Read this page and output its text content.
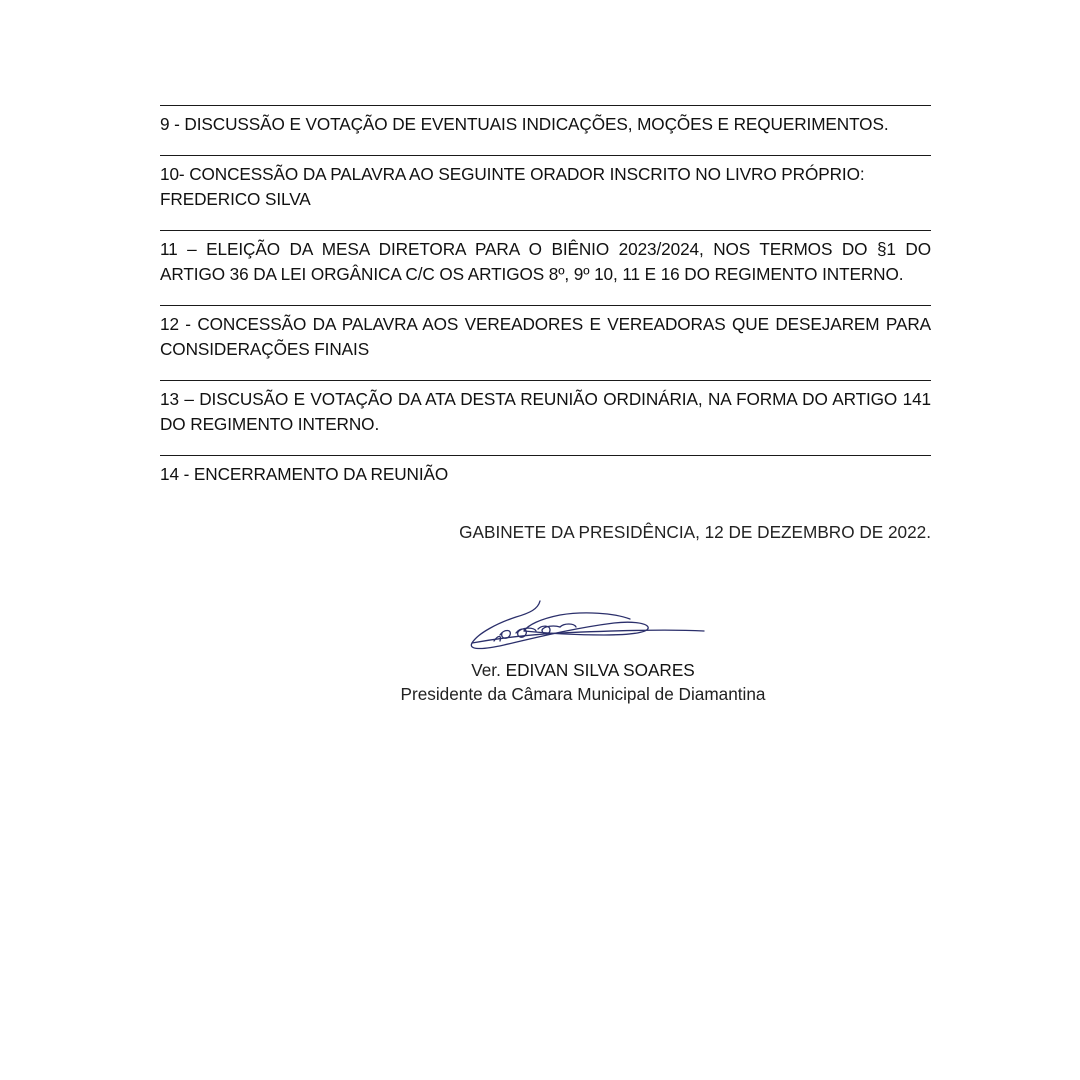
9 - DISCUSSÃO E VOTAÇÃO DE EVENTUAIS INDICAÇÕES, MOÇÕES E REQUERIMENTOS.

10- CONCESSÃO DA PALAVRA AO SEGUINTE ORADOR INSCRITO NO LIVRO PRÓPRIO: FREDERICO SILVA

11 – ELEIÇÃO DA MESA DIRETORA PARA O BIÊNIO 2023/2024, NOS TERMOS DO §1 DO ARTIGO 36 DA LEI ORGÂNICA C/C OS ARTIGOS 8º, 9º 10, 11 E 16 DO REGIMENTO INTERNO.

12 - CONCESSÃO DA PALAVRA AOS VEREADORES E VEREADORAS QUE DESEJAREM PARA CONSIDERAÇÕES FINAIS

13 – DISCUSÃO E VOTAÇÃO DA ATA DESTA REUNIÃO ORDINÁRIA, NA FORMA DO ARTIGO 141 DO REGIMENTO INTERNO.

14 - ENCERRAMENTO DA REUNIÃO

GABINETE DA PRESIDÊNCIA, 12 DE DEZEMBRO DE 2022.

Ver. EDIVAN SILVA SOARES

Presidente da Câmara Municipal de Diamantina
